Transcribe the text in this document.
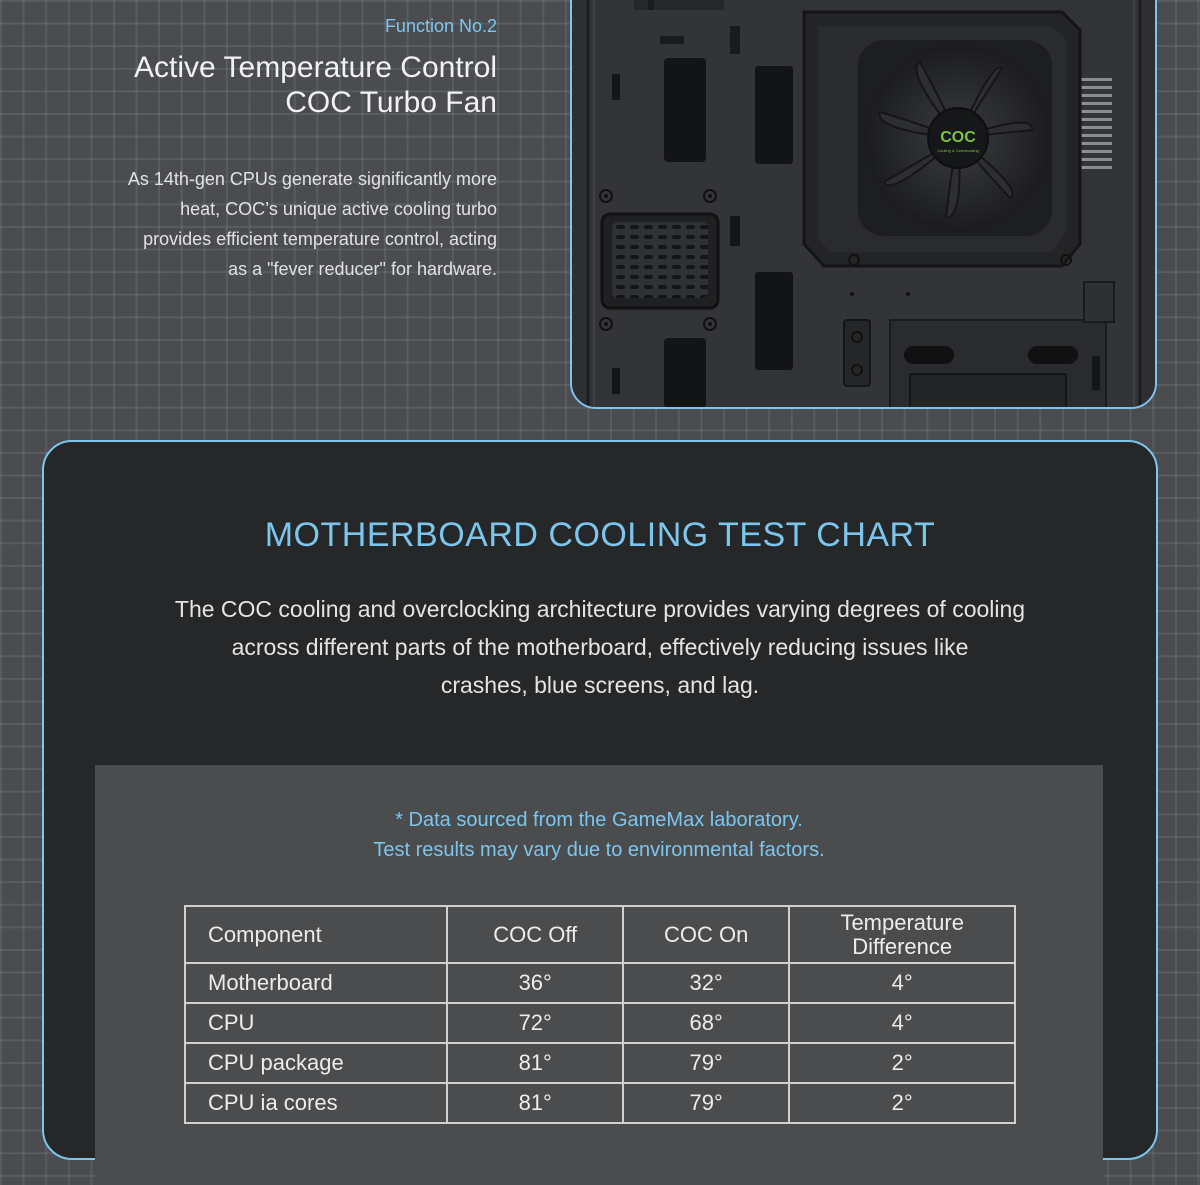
Function No.2
Active Temperature Control
COC Turbo Fan
As 14th-gen CPUs generate significantly more
heat, COC’s unique active cooling turbo
provides efficient temperature control, acting
as a "fever reducer" for hardware.
COC
Cooling & Overclocking
MOTHERBOARD COOLING TEST CHART
The COC cooling and overclocking architecture provides varying degrees of cooling
across different parts of the motherboard, effectively reducing issues like
crashes, blue screens, and lag.
* Data sourced from the GameMax laboratory.
Test results may vary due to environmental factors.
Component	COC Off	COC On	Temperature
Difference

Motherboard	36°	32°	4°
CPU	72°	68°	4°
CPU package	81°	79°	2°
CPU ia cores	81°	79°	2°
